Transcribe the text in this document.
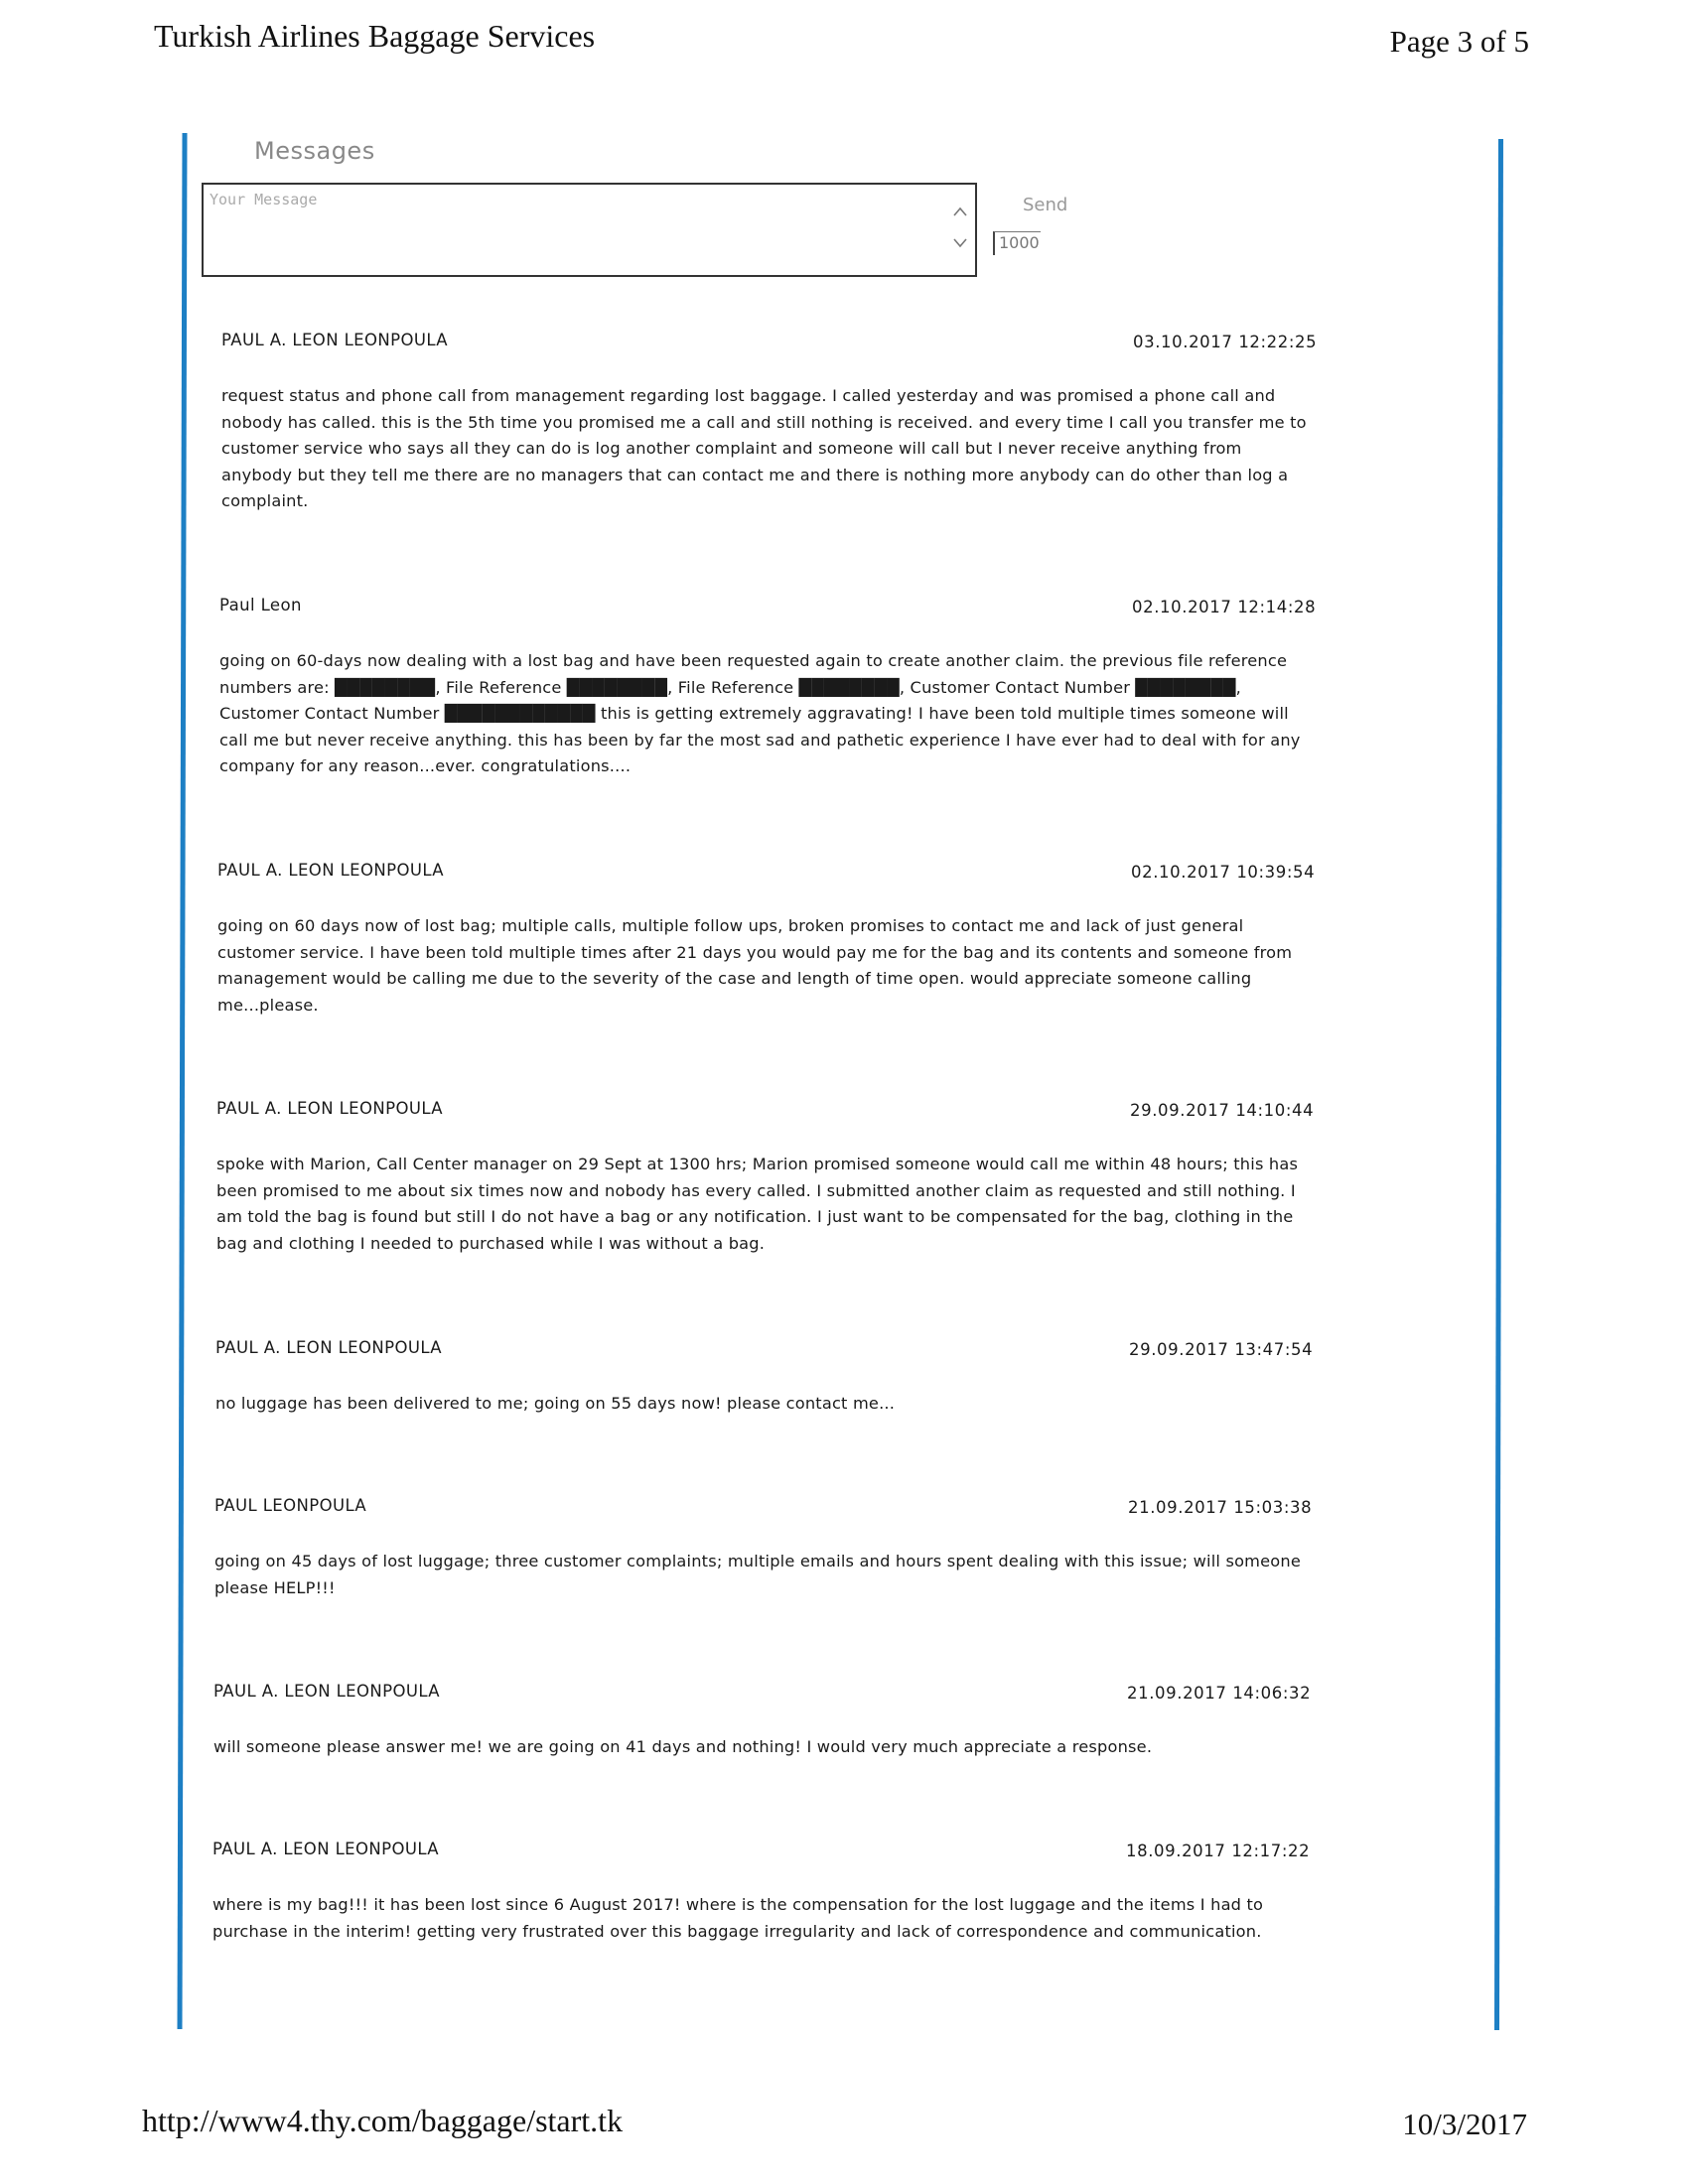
Turkish Airlines Baggage Services	Page 3 of 5
Messages
Your Message
Send
1000
PAUL A. LEON LEONPOULA	03.10.2017 12:22:25
request status and phone call from management regarding lost baggage. I called yesterday and was promised a phone call and nobody has called. this is the 5th time you promised me a call and still nothing is received. and every time I call you transfer me to customer service who says all they can do is log another complaint and someone will call but I never receive anything from anybody but they tell me there are no managers that can contact me and there is nothing more anybody can do other than log a complaint.
Paul Leon	02.10.2017 12:14:28
going on 60-days now dealing with a lost bag and have been requested again to create another claim. the previous file reference numbers are: ████████, File Reference ████████, File Reference ████████, Customer Contact Number ████████, Customer Contact Number ████████████ this is getting extremely aggravating! I have been told multiple times someone will call me but never receive anything. this has been by far the most sad and pathetic experience I have ever had to deal with for any company for any reason...ever. congratulations....
PAUL A. LEON LEONPOULA	02.10.2017 10:39:54
going on 60 days now of lost bag; multiple calls, multiple follow ups, broken promises to contact me and lack of just general customer service. I have been told multiple times after 21 days you would pay me for the bag and its contents and someone from management would be calling me due to the severity of the case and length of time open. would appreciate someone calling me...please.
PAUL A. LEON LEONPOULA	29.09.2017 14:10:44
spoke with Marion, Call Center manager on 29 Sept at 1300 hrs; Marion promised someone would call me within 48 hours; this has been promised to me about six times now and nobody has every called. I submitted another claim as requested and still nothing. I am told the bag is found but still I do not have a bag or any notification. I just want to be compensated for the bag, clothing in the bag and clothing I needed to purchased while I was without a bag.
PAUL A. LEON LEONPOULA	29.09.2017 13:47:54
no luggage has been delivered to me; going on 55 days now! please contact me...
PAUL LEONPOULA	21.09.2017 15:03:38
going on 45 days of lost luggage; three customer complaints; multiple emails and hours spent dealing with this issue; will someone please HELP!!!
PAUL A. LEON LEONPOULA	21.09.2017 14:06:32
will someone please answer me! we are going on 41 days and nothing! I would very much appreciate a response.
PAUL A. LEON LEONPOULA	18.09.2017 12:17:22
where is my bag!!! it has been lost since 6 August 2017! where is the compensation for the lost luggage and the items I had to purchase in the interim! getting very frustrated over this baggage irregularity and lack of correspondence and communication.
http://www4.thy.com/baggage/start.tk	10/3/2017
